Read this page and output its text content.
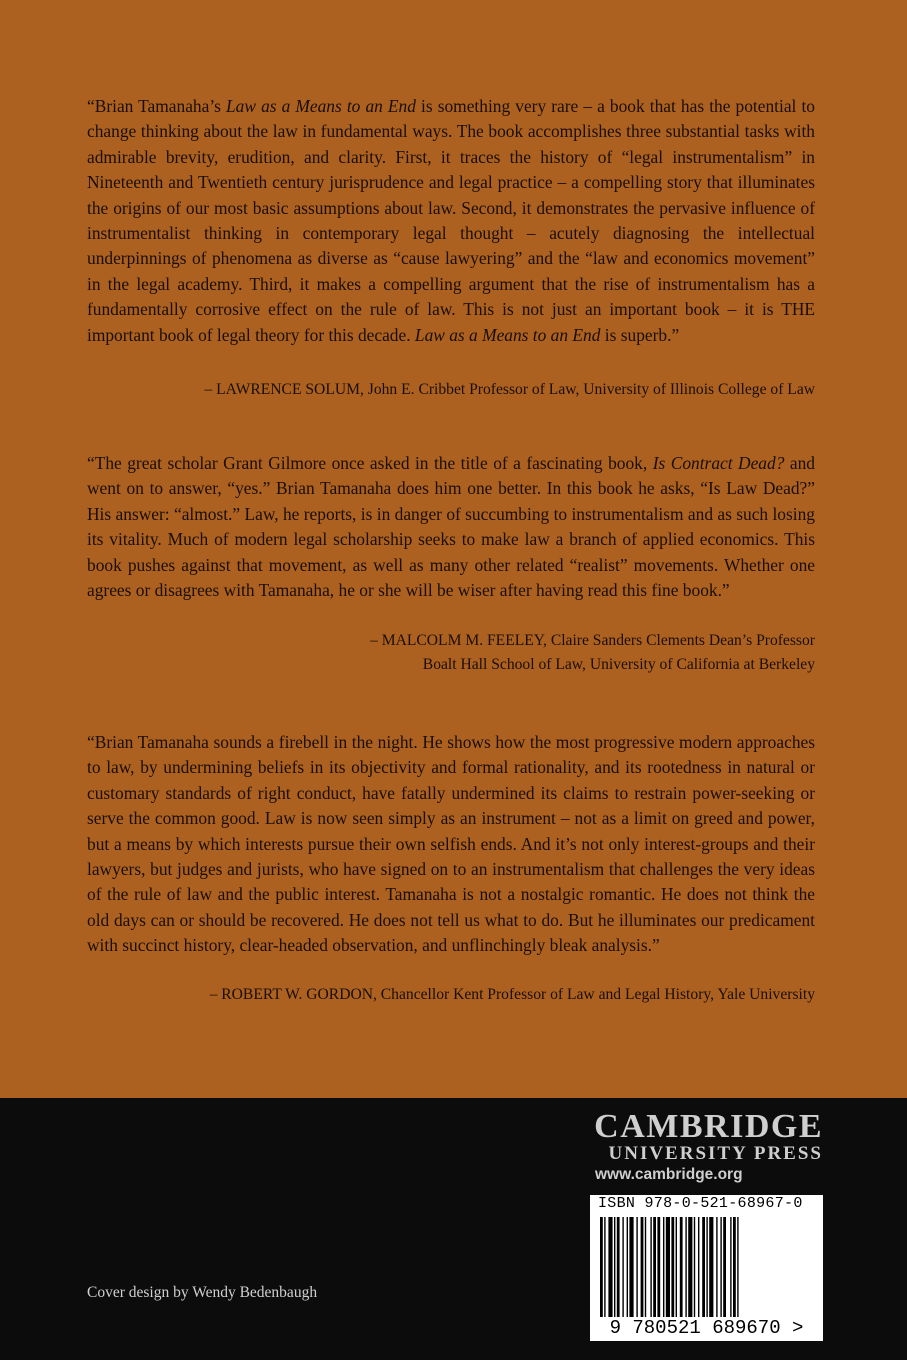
“Brian Tamanaha’s Law as a Means to an End is something very rare – a book that has the potential to change thinking about the law in fundamental ways. The book accomplishes three substantial tasks with admirable brevity, erudition, and clarity. First, it traces the history of “legal instrumentalism” in Nineteenth and Twentieth century jurisprudence and legal practice – a compelling story that illuminates the origins of our most basic assumptions about law. Second, it demonstrates the pervasive influence of instrumentalist thinking in contemporary legal thought – acutely diagnosing the intellectual underpinnings of phenomena as diverse as “cause lawyering” and the “law and economics movement” in the legal academy. Third, it makes a compelling argument that the rise of instrumentalism has a fundamentally corrosive effect on the rule of law. This is not just an important book – it is THE important book of legal theory for this decade. Law as a Means to an End is superb.”

– LAWRENCE SOLUM, John E. Cribbet Professor of Law, University of Illinois College of Law

“The great scholar Grant Gilmore once asked in the title of a fascinating book, Is Contract Dead? and went on to answer, “yes.” Brian Tamanaha does him one better. In this book he asks, “Is Law Dead?” His answer: “almost.” Law, he reports, is in danger of succumbing to instrumentalism and as such losing its vitality. Much of modern legal scholarship seeks to make law a branch of applied economics. This book pushes against that movement, as well as many other related “realist” movements. Whether one agrees or disagrees with Tamanaha, he or she will be wiser after having read this fine book.”

– MALCOLM M. FEELEY, Claire Sanders Clements Dean’s Professor

Boalt Hall School of Law, University of California at Berkeley

“Brian Tamanaha sounds a firebell in the night. He shows how the most progressive modern approaches to law, by undermining beliefs in its objectivity and formal rationality, and its rootedness in natural or customary standards of right conduct, have fatally undermined its claims to restrain power-seeking or serve the common good. Law is now seen simply as an instrument – not as a limit on greed and power, but a means by which interests pursue their own selfish ends. And it’s not only interest-groups and their lawyers, but judges and jurists, who have signed on to an instrumentalism that challenges the very ideas of the rule of law and the public interest. Tamanaha is not a nostalgic romantic. He does not think the old days can or should be recovered. He does not tell us what to do. But he illuminates our predicament with succinct history, clear-headed observation, and unflinchingly bleak analysis.”

– ROBERT W. GORDON, Chancellor Kent Professor of Law and Legal History, Yale University

CAMBRIDGE

UNIVERSITY PRESS

www.cambridge.org

ISBN 978-0-521-68967-0

9 780521 689670 >

Cover design by Wendy Bedenbaugh
